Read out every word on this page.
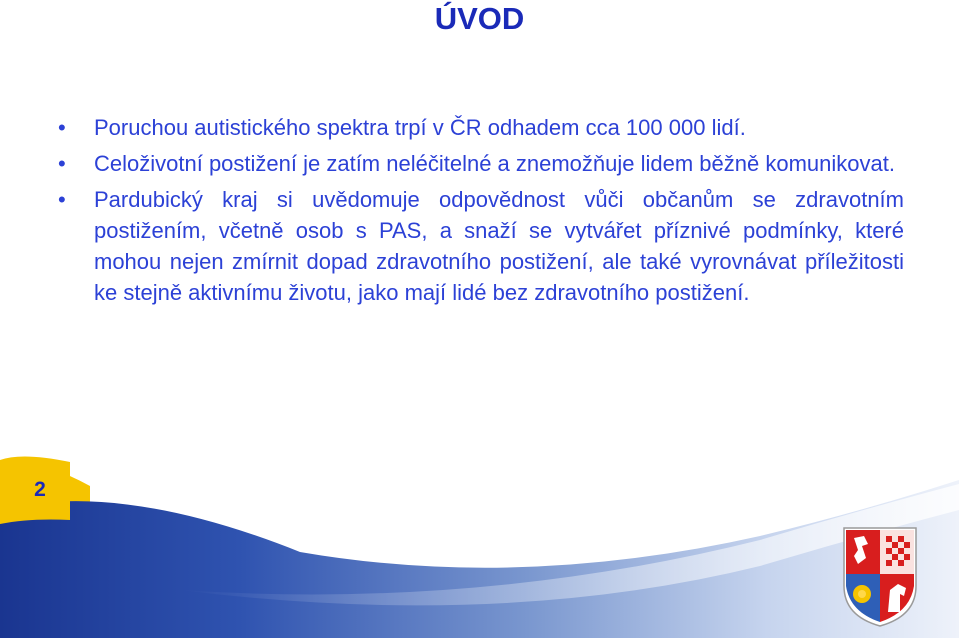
ÚVOD
• Poruchou autistického spektra trpí v ČR odhadem cca 100 000 lidí.
• Celoživotní postižení je zatím neléčitelné a znemožňuje lidem běžně komunikovat.
• Pardubický kraj si uvědomuje odpovědnost vůči občanům se zdravotním postižením, včetně osob s PAS, a snaží se vytvářet příznivé podmínky, které mohou nejen zmírnit dopad zdravotního postižení, ale také vyrovnávat příležitosti ke stejně aktivnímu životu, jako mají lidé bez zdravotního postižení.
2
